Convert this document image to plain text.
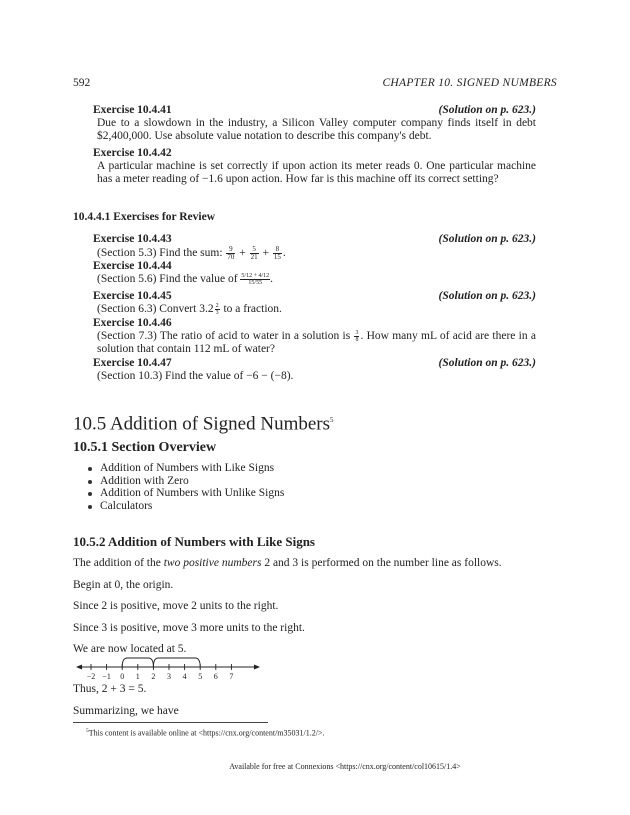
592	CHAPTER 10. SIGNED NUMBERS
Exercise 10.4.41	(Solution on p. 623.)
Due to a slowdown in the industry, a Silicon Valley computer company finds itself in debt $2,400,000. Use absolute value notation to describe this company's debt.
Exercise 10.4.42
A particular machine is set correctly if upon action its meter reads 0. One particular machine has a meter reading of −1.6 upon action. How far is this machine off its correct setting?
10.4.4.1 Exercises for Review
Exercise 10.4.43	(Solution on p. 623.)
(Section 5.3) Find the sum: $\frac{9}{70} + \frac{5}{21} + \frac{8}{15}$ .
Exercise 10.4.44
(Section 5.6) Find the value of $\frac{5/12 + 4/12}{15/55}$.
Exercise 10.4.45	(Solution on p. 623.)
(Section 6.3) Convert $3.2 \frac{2}{3}$ to a fraction.
Exercise 10.4.46
(Section 7.3) The ratio of acid to water in a solution is $\frac{3}{8}$ . How many mL of acid are there in a solution that contain 112 mL of water?
Exercise 10.4.47	(Solution on p. 623.)
(Section 10.3) Find the value of −6 − (−8).
10.5 Addition of Signed Numbers$^5$
10.5.1 Section Overview
Addition of Numbers with Like Signs
Addition with Zero
Addition of Numbers with Unlike Signs
Calculators
10.5.2 Addition of Numbers with Like Signs
The addition of the two positive numbers 2 and 3 is performed on the number line as follows.
Begin at 0, the origin.
Since 2 is positive, move 2 units to the right.
Since 3 is positive, move 3 more units to the right.
We are now located at 5.
−2 −1 0 1 2 3 4 5 6 7
Thus, 2 + 3 = 5.
Summarizing, we have
$^5$This content is available online at <https://cnx.org/content/m35031/1.2/>.
Available for free at Connexions <https://cnx.org/content/col10615/1.4>
